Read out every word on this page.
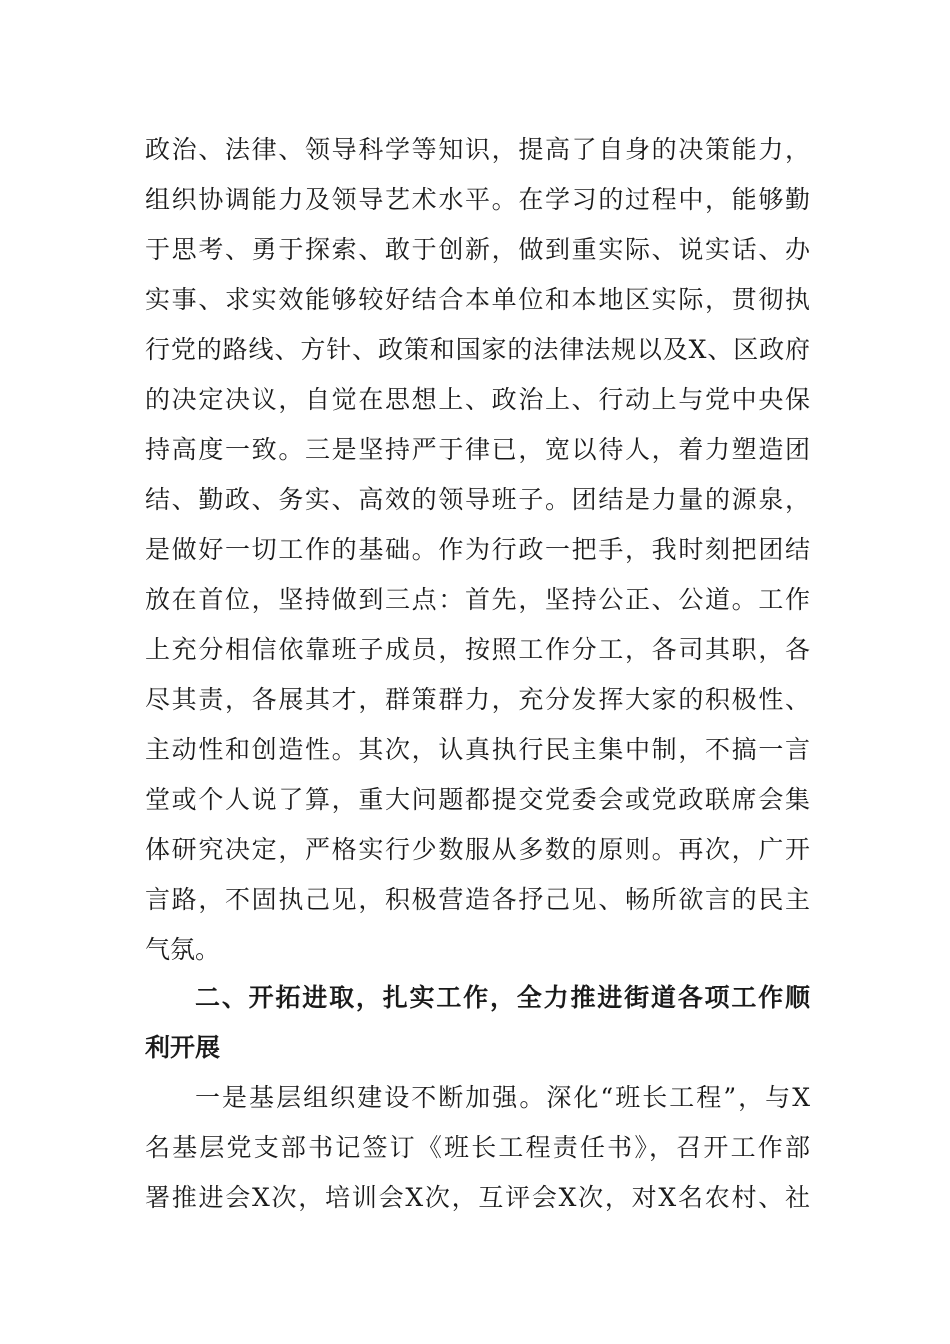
政治、法律、领导科学等知识，提高了自身的决策能力，
组织协调能力及领导艺术水平。在学习的过程中，能够勤
于思考、勇于探索、敢于创新，做到重实际、说实话、办
实事、求实效能够较好结合本单位和本地区实际，贯彻执
行党的路线、方针、政策和国家的法律法规以及X、区政府
的决定决议，自觉在思想上、政治上、行动上与党中央保
持高度一致。三是坚持严于律已，宽以待人，着力塑造团
结、勤政、务实、高效的领导班子。团结是力量的源泉，
是做好一切工作的基础。作为行政一把手，我时刻把团结
放在首位，坚持做到三点：首先，坚持公正、公道。工作
上充分相信依靠班子成员，按照工作分工，各司其职，各
尽其责，各展其才，群策群力，充分发挥大家的积极性、
主动性和创造性。其次，认真执行民主集中制，不搞一言
堂或个人说了算，重大问题都提交党委会或党政联席会集
体研究决定，严格实行少数服从多数的原则。再次，广开
言路，不固执己见，积极营造各抒己见、畅所欲言的民主
气氛。
二、开拓进取，扎实工作，全力推进街道各项工作顺
利开展
一是基层组织建设不断加强。深化“班长工程”，与X
名基层党支部书记签订《班长工程责任书》，召开工作部
署推进会X次，培训会X次，互评会X次，对X名农村、社
